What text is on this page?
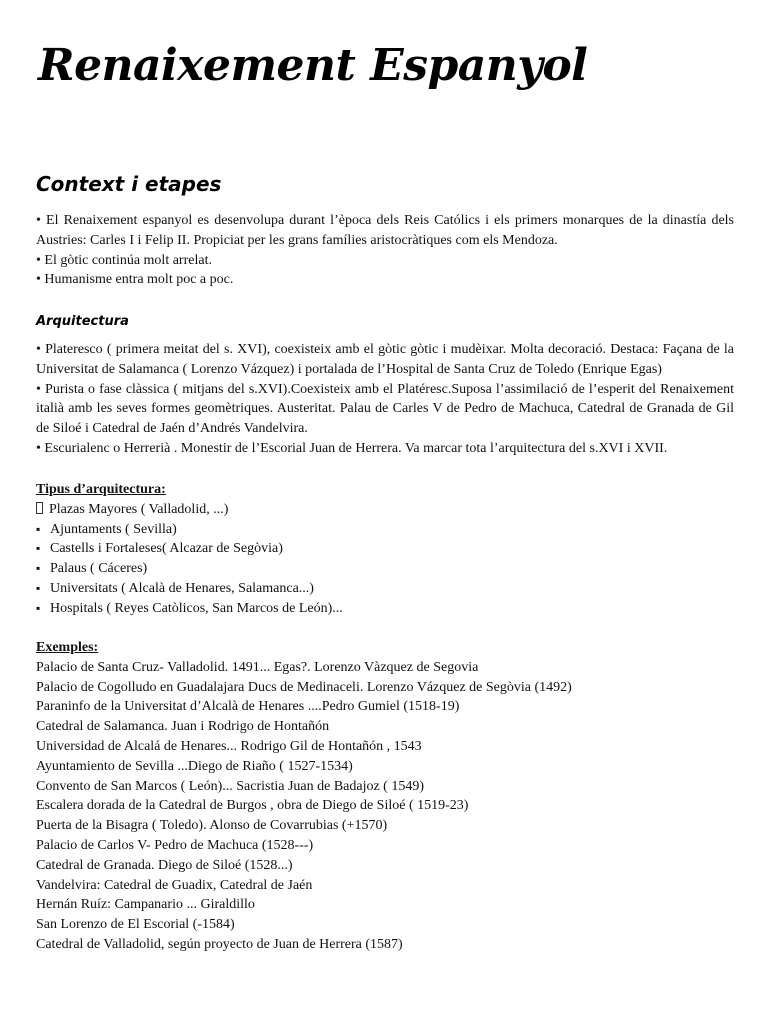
Renaixement Espanyol
Context i etapes
• El Renaixement espanyol es desenvolupa durant l’època dels Reis Católics i els primers monarques de la dinastía dels Austries: Carles I i Felip II. Propiciat per les grans famílies aristocràtiques com els Mendoza.
• El gòtic continúa molt arrelat.
• Humanisme entra molt poc a poc.
Arquitectura
• Plateresco ( primera meitat del s. XVI), coexisteix amb el gòtic gòtic i mudèixar. Molta decoració. Destaca: Façana de la Universitat de Salamanca ( Lorenzo Vázquez) i portalada de l’Hospital de Santa Cruz de Toledo (Enrique Egas)
• Purista o fase clàssica ( mitjans del s.XVI).Coexisteix amb el Platéresc.Suposa l’assimilació de l’esperit del Renaixement italià amb les seves formes geomètriques. Austeritat. Palau de Carles V de Pedro de Machuca, Catedral de Granada de Gil de Siloé i Catedral de Jaén d’Andrés Vandelvira.
• Escurialenc o Herrerià . Monestir de l’Escorial Juan de Herrera. Va marcar tota l’arquitectura del s.XVI i XVII.
Tipus d’arquitectura:
Plazas Mayores ( Valladolid, ...)
▪Ajuntaments ( Sevilla)
▪Castells i Fortaleses( Alcazar de Segòvia)
▪Palaus ( Cáceres)
▪Universitats ( Alcalà de Henares, Salamanca...)
▪Hospitals ( Reyes Catòlicos, San Marcos de León)...
Exemples:
Palacio de Santa Cruz- Valladolid. 1491... Egas?. Lorenzo Vàzquez de Segovia
Palacio de Cogolludo en Guadalajara Ducs de Medinaceli. Lorenzo Vázquez de Segòvia (1492)
Paraninfo de la Universitat d’Alcalà de Henares ....Pedro Gumiel (1518-19)
Catedral de Salamanca. Juan i Rodrigo de Hontañón
Universidad de Alcalá de Henares... Rodrigo Gil de Hontañón , 1543
Ayuntamiento de Sevilla ...Diego de Riaño ( 1527-1534)
Convento de San Marcos ( León)... Sacristia Juan de Badajoz ( 1549)
Escalera dorada de la Catedral de Burgos , obra de Diego de Siloé ( 1519-23)
Puerta de la Bisagra ( Toledo). Alonso de Covarrubias (+1570)
Palacio de Carlos V- Pedro de Machuca (1528---)
Catedral de Granada. Diego de Siloé (1528...)
Vandelvira: Catedral de Guadix, Catedral de Jaén
Hernán Ruíz: Campanario ... Giraldillo
San Lorenzo de El Escorial (-1584)
Catedral de Valladolid, según proyecto de Juan de Herrera (1587)
